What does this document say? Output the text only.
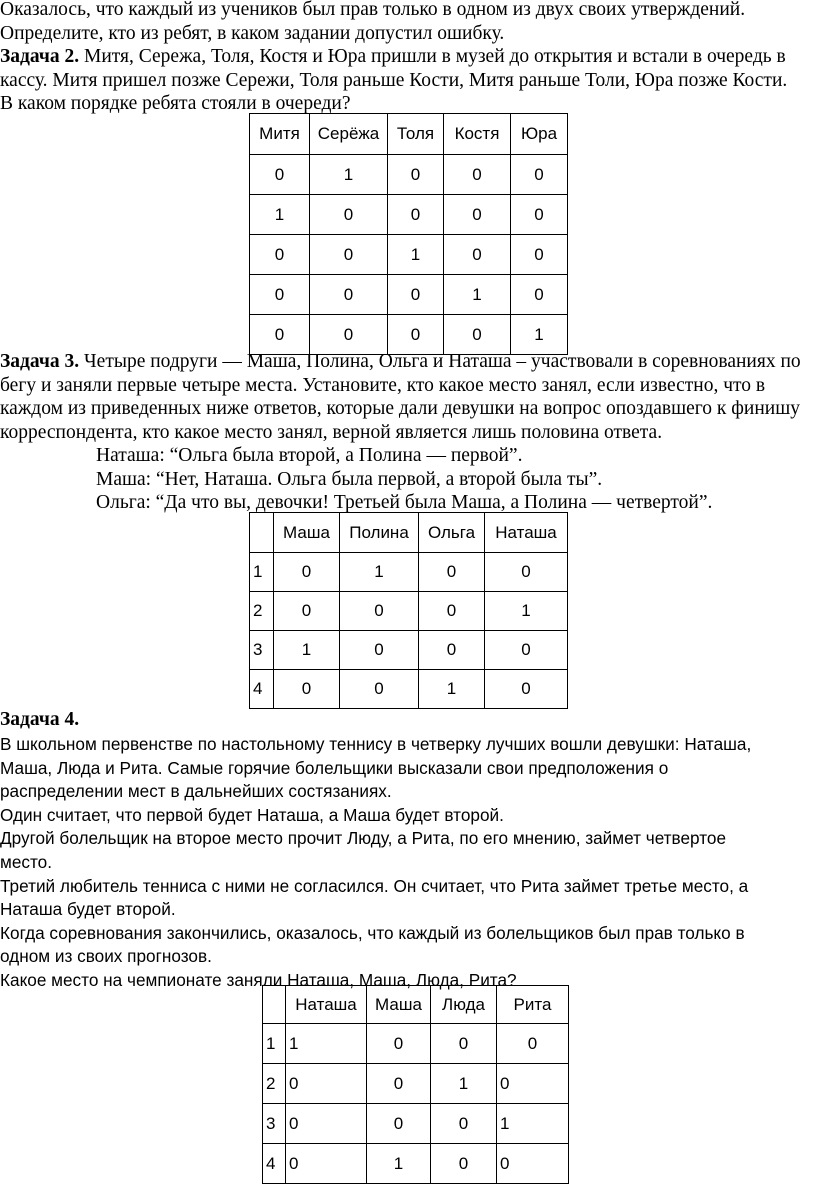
Оказалось, что каждый из учеников был прав только в одном из двух своих утверждений.
Определите, кто из ребят, в каком задании допустил ошибку.
Задача 2. Митя, Сережа, Толя, Костя и Юра пришли в музей до открытия и встали в очередь в
кассу. Митя пришел позже Сережи, Толя раньше Кости, Митя раньше Толи, Юра позже Кости.
В каком порядке ребята стояли в очереди?
Митя	Серёжа	Толя	Костя	Юра
0	1	0	0	0
1	0	0	0	0
0	0	1	0	0
0	0	0	1	0
0	0	0	0	1
Задача 3. Четыре подруги — Маша, Полина, Ольга и Наташа – участвовали в соревнованиях по
бегу и заняли первые четыре места. Установите, кто какое место занял, если известно, что в
каждом из приведенных ниже ответов, которые дали девушки на вопрос опоздавшего к финишу
корреспондента, кто какое место занял, верной является лишь половина ответа.
Наташа: “Ольга была второй, а Полина — первой”.
Маша: “Нет, Наташа. Ольга была первой, а второй была ты”.
Ольга: “Да что вы, девочки! Третьей была Маша, а Полина — четвертой”.
	Маша	Полина	Ольга	Наташа
1	0	1	0	0
2	0	0	0	1
3	1	0	0	0
4	0	0	1	0
Задача 4.
В школьном первенстве по настольному теннису в четверку лучших вошли девушки: Наташа,
Маша, Люда и Рита. Самые горячие болельщики высказали свои предположения о
распределении мест в дальнейших состязаниях.
Один считает, что первой будет Наташа, а Маша будет второй.
Другой болельщик на второе место прочит Люду, а Рита, по его мнению, займет четвертое
место.
Третий любитель тенниса с ними не согласился. Он считает, что Рита займет третье место, а
Наташа будет второй.
Когда соревнования закончились, оказалось, что каждый из болельщиков был прав только в
одном из своих прогнозов.
Какое место на чемпионате заняли Наташа, Маша, Люда, Рита?
	Наташа	Маша	Люда	Рита
1	1	0	0	0
2	0	0	1	0
3	0	0	0	1
4	0	1	0	0
